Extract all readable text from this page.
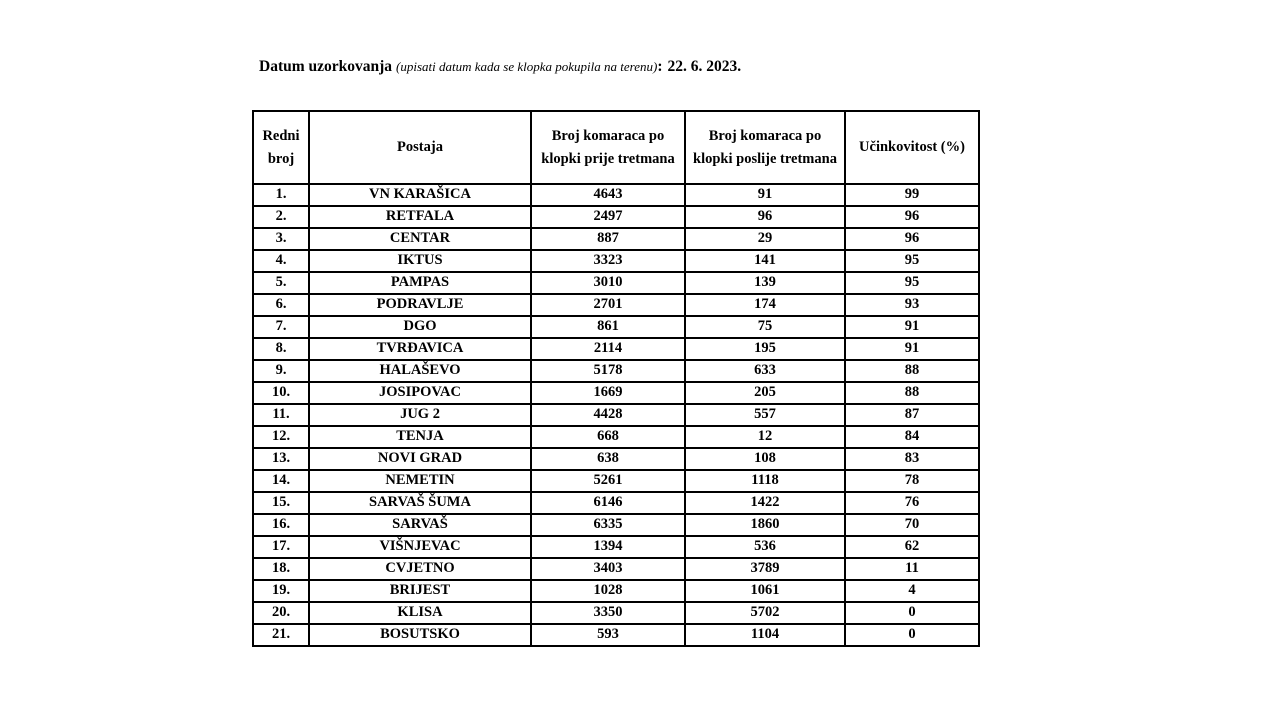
Datum uzorkovanja (upisati datum kada se klopka pokupila na terenu): 22. 6. 2023.

Redni broj	Postaja	Broj komaraca po klopki prije tretmana	Broj komaraca po klopki poslije tretmana	Učinkovitost (%)
1.	VN KARAŠICA	4643	91	99
2.	RETFALA	2497	96	96
3.	CENTAR	887	29	96
4.	IKTUS	3323	141	95
5.	PAMPAS	3010	139	95
6.	PODRAVLJE	2701	174	93
7.	DGO	861	75	91
8.	TVRĐAVICA	2114	195	91
9.	HALAŠEVO	5178	633	88
10.	JOSIPOVAC	1669	205	88
11.	JUG 2	4428	557	87
12.	TENJA	668	12	84
13.	NOVI GRAD	638	108	83
14.	NEMETIN	5261	1118	78
15.	SARVAŠ ŠUMA	6146	1422	76
16.	SARVAŠ	6335	1860	70
17.	VIŠNJEVAC	1394	536	62
18.	CVJETNO	3403	3789	11
19.	BRIJEST	1028	1061	4
20.	KLISA	3350	5702	0
21.	BOSUTSKO	593	1104	0
